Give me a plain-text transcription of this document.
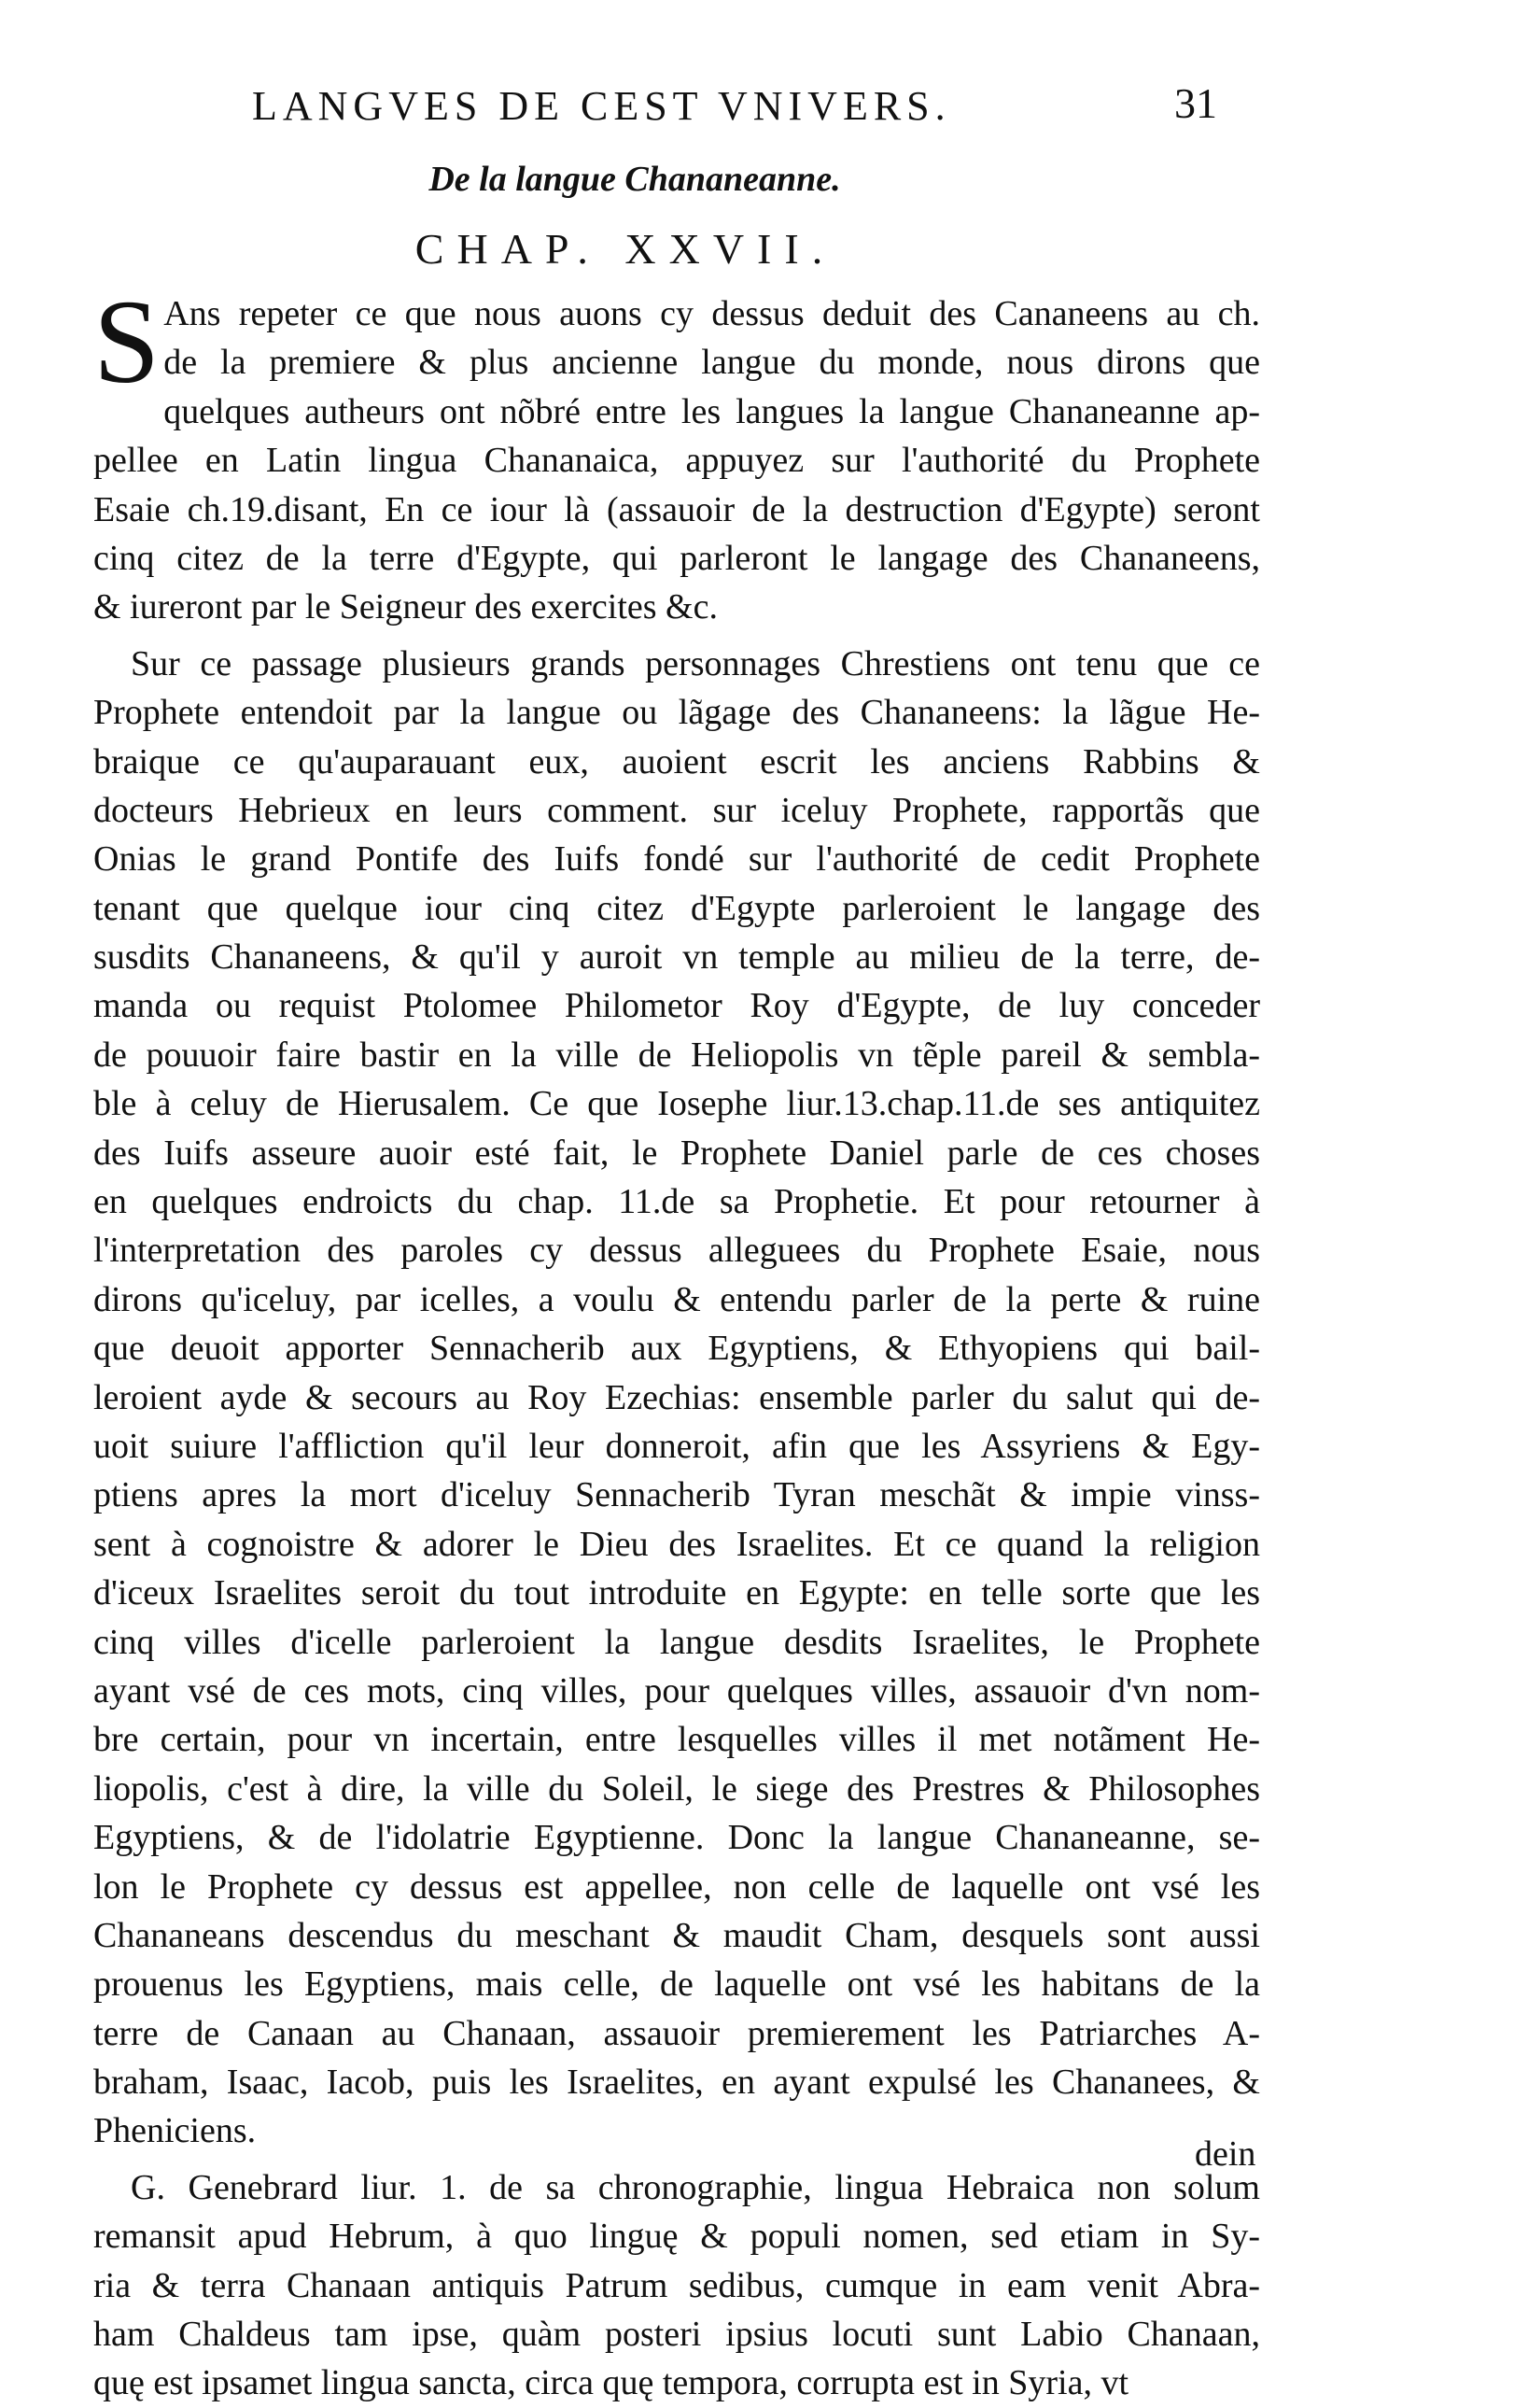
LANGVES DE CEST VNIVERS.	31
De la langue Chananeanne.
CHAP. XXVII.
S Ans repeter ce que nous auons cy dessus deduit des Cananeens au ch.
de la premiere & plus ancienne langue du monde, nous dirons que
quelques autheurs ont nõbré entre les langues la langue Chananeanne ap-
pellee en Latin lingua Chananaica, appuyez sur l'authorité du Prophete
Esaie ch.19.disant, En ce iour là (assauoir de la destruction d'Egypte) seront
cinq citez de la terre d'Egypte, qui parleront le langage des Chananeens,
& iureront par le Seigneur des exercites &c.
Sur ce passage plusieurs grands personnages Chrestiens ont tenu que ce
Prophete entendoit par la langue ou lãgage des Chananeens: la lãgue He-
braique ce qu'auparauant eux, auoient escrit les anciens Rabbins &
docteurs Hebrieux en leurs comment. sur iceluy Prophete, rapportãs que
Onias le grand Pontife des Iuifs fondé sur l'authorité de cedit Prophete
tenant que quelque iour cinq citez d'Egypte parleroient le langage des
susdits Chananeens, & qu'il y auroit vn temple au milieu de la terre, de-
manda ou requist Ptolomee Philometor Roy d'Egypte, de luy conceder
de pouuoir faire bastir en la ville de Heliopolis vn tẽple pareil & sembla-
ble à celuy de Hierusalem. Ce que Iosephe liur.13.chap.11.de ses antiquitez
des Iuifs asseure auoir esté fait, le Prophete Daniel parle de ces choses
en quelques endroicts du chap. 11.de sa Prophetie. Et pour retourner à
l'interpretation des paroles cy dessus alleguees du Prophete Esaie, nous
dirons qu'iceluy, par icelles, a voulu & entendu parler de la perte & ruine
que deuoit apporter Sennacherib aux Egyptiens, & Ethyopiens qui bail-
leroient ayde & secours au Roy Ezechias: ensemble parler du salut qui de-
uoit suiure l'affliction qu'il leur donneroit, afin que les Assyriens & Egy-
ptiens apres la mort d'iceluy Sennacherib Tyran meschãt & impie vinss-
sent à cognoistre & adorer le Dieu des Israelites. Et ce quand la religion
d'iceux Israelites seroit du tout introduite en Egypte: en telle sorte que les
cinq villes d'icelle parleroient la langue desdits Israelites, le Prophete
ayant vsé de ces mots, cinq villes, pour quelques villes, assauoir d'vn nom-
bre certain, pour vn incertain, entre lesquelles villes il met notãment He-
liopolis, c'est à dire, la ville du Soleil, le siege des Prestres & Philosophes
Egyptiens, & de l'idolatrie Egyptienne. Donc la langue Chananeanne, se-
lon le Prophete cy dessus est appellee, non celle de laquelle ont vsé les
Chananeans descendus du meschant & maudit Cham, desquels sont aussi
prouenus les Egyptiens, mais celle, de laquelle ont vsé les habitans de la
terre de Canaan au Chanaan, assauoir premierement les Patriarches A-
braham, Isaac, Iacob, puis les Israelites, en ayant expulsé les Chananees, &
Pheniciens.
G. Genebrard liur. 1. de sa chronographie, lingua Hebraica non solum
remansit apud Hebrum, à quo linguę & populi nomen, sed etiam in Sy-
ria & terra Chanaan antiquis Patrum sedibus, cumque in eam venit Abra-
ham Chaldeus tam ipse, quàm posteri ipsius locuti sunt Labio Chanaan,
quę est ipsamet lingua sancta, circa quę tempora, corrupta est in Syria, vt
dein
